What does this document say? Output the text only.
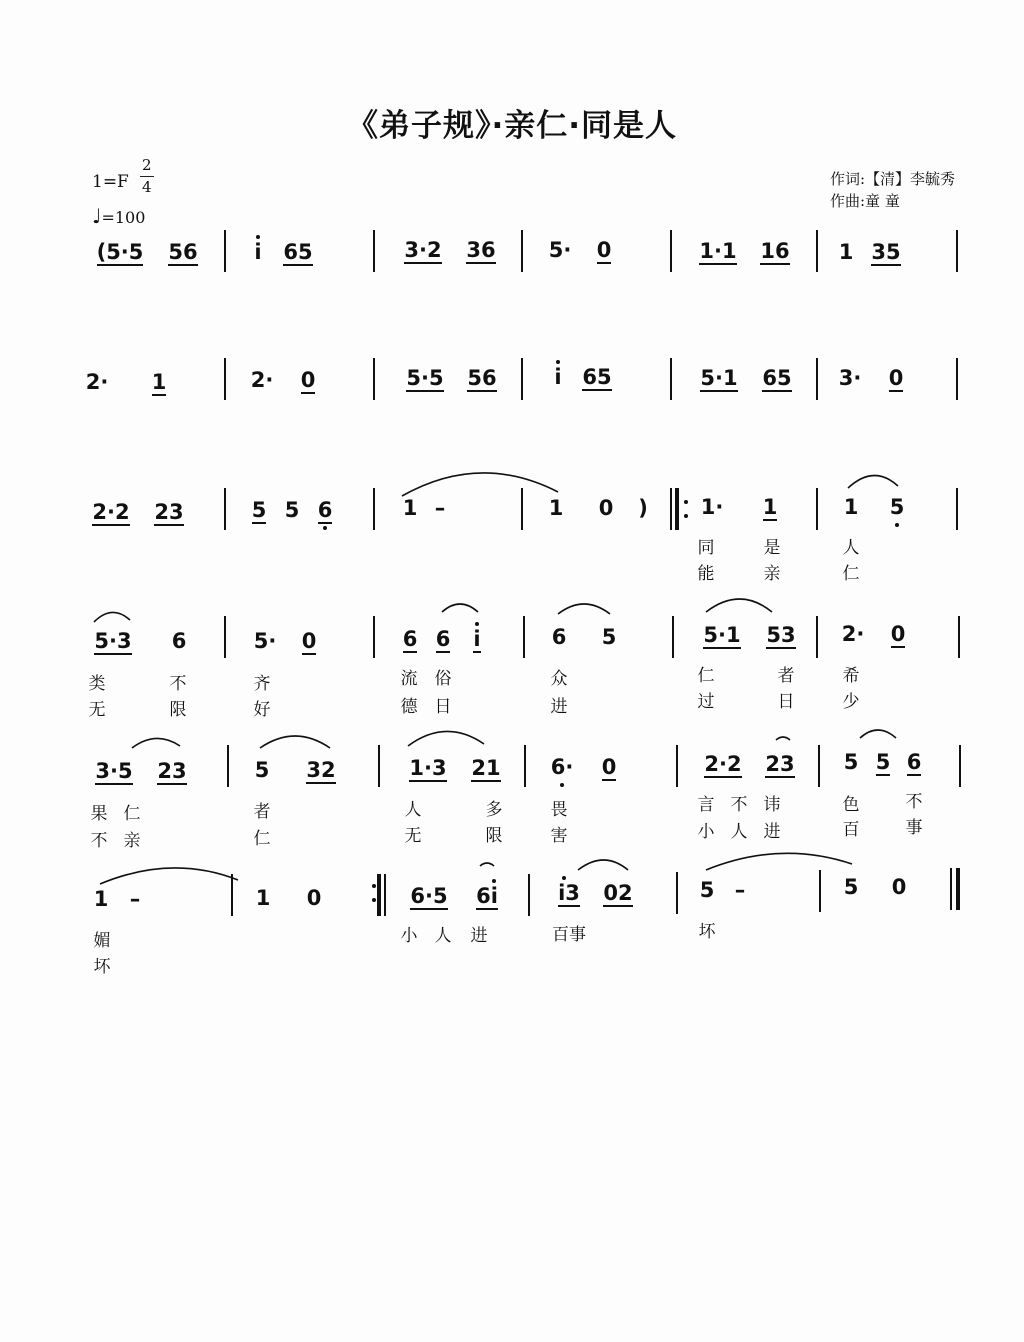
《弟子规》·亲仁·同是人
1=F
2
4
♩=100
作词:【清】李毓秀
作曲:童 童
(5·5 56	i 65	3·2 36	5· 0	1·1 16 1 35
2· 1	2· 0	5·5 56	i 65	5·1 65 3· 0
2·2 23	5 5 6	1 –	1 0 )	1· 1	1 5
5·3 6	5· 0	6 6 i	6 5	5·1 53 2· 0
3·5 23	5 32	1·3 21 6· 0	2·2 23 5 5 6
1 –	1 0	6·5 6i	i3 02	5 –	5 0
同	是	人
能	亲	仁
类	不	齐	流 俗	众	仁	者	希
无	限	好	德 日	进	过	日	少
果 仁	者	人	多	畏	言 不 讳	色	不
不 亲	仁	无	限	害	小 人 进	百	事
媚	小 人 进	百事	坏
坏
